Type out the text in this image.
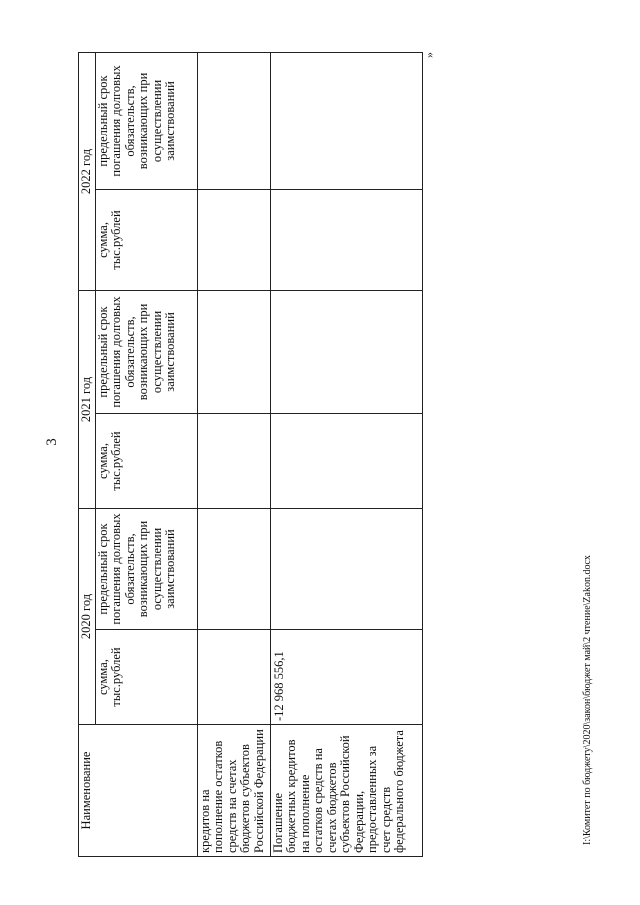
3
Наименование	2020 год		2021 год		2022 год	
	сумма, тыс.рублей	предельный срок погашения долговых обязательств, возникающих при осуществлении заимствований	сумма, тыс.рублей	предельный срок погашения долговых обязательств, возникающих при осуществлении заимствований	сумма, тыс.рублей	предельный срок погашения долговых обязательств, возникающих при осуществлении заимствований
кредитов на пополнение остатков средств на счетах бюджетов субъектов Российской Федерации						
Погашение бюджетных кредитов на пополнение остатков средств на счетах бюджетов субъектов Российской Федерации, предоставленных за счет средств федерального бюджета	-12 968 556,1					
»
I:\Комитет по бюджету\2020\закон\бюджет май\2 чтение\Zakon.docx
